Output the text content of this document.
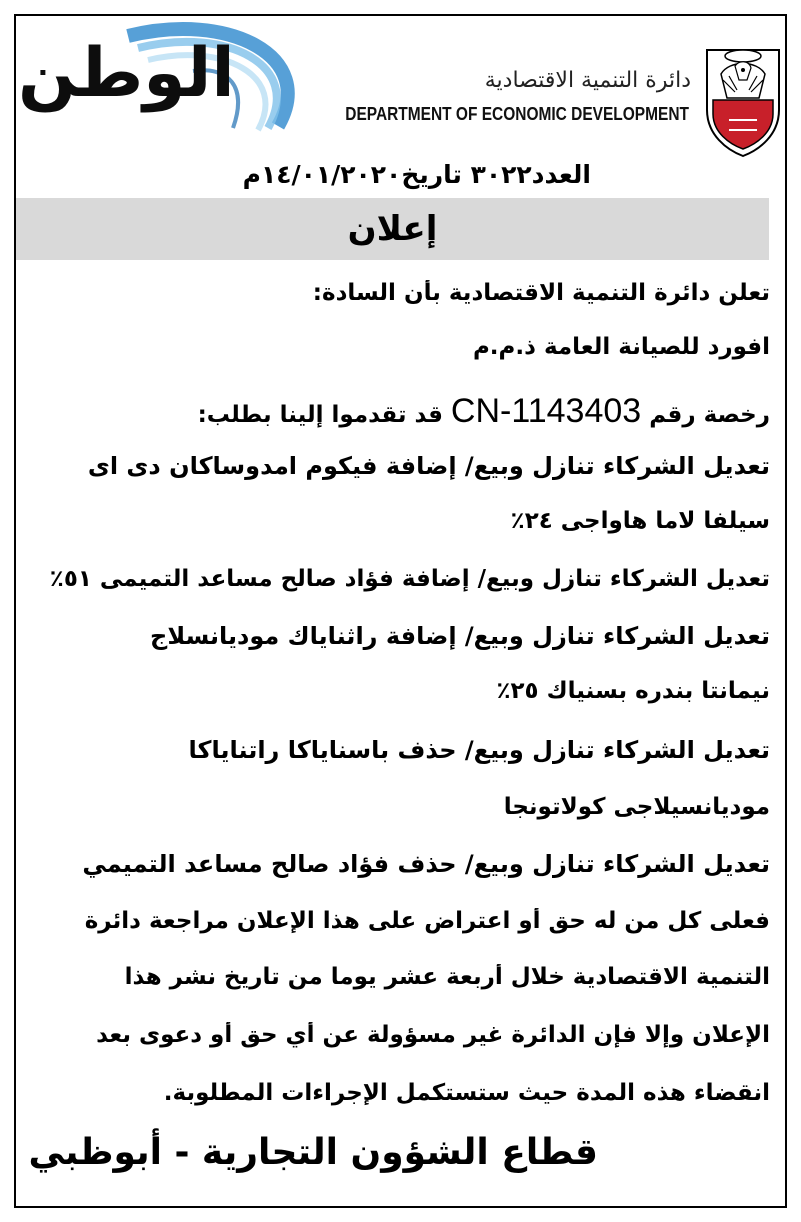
الوطن	دائرة التنمية الاقتصادية
DEPARTMENT OF ECONOMIC DEVELOPMENT
العدد٣٠٢٢ تاريخ١٤/٠١/٢٠٢٠م
إعلان
تعلن دائرة التنمية الاقتصادية بأن السادة:
افورد للصيانة العامة ذ.م.م
رخصة رقم CN-1143403 قد تقدموا إلينا بطلب:
تعديل الشركاء تنازل وبيع/ إضافة فيكوم امدوساكان دى اى
سيلفا لاما هاواجى ٢٤٪
تعديل الشركاء تنازل وبيع/ إضافة فؤاد صالح مساعد التميمى ٥١٪
تعديل الشركاء تنازل وبيع/ إضافة راثناياك موديانسلاج
نيمانتا بندره بسنياك ٢٥٪
تعديل الشركاء تنازل وبيع/ حذف باسناياكا راتناياكا
موديانسيلاجى كولاتونجا
تعديل الشركاء تنازل وبيع/ حذف فؤاد صالح مساعد التميمي
فعلى كل من له حق أو اعتراض على هذا الإعلان مراجعة دائرة
التنمية الاقتصادية خلال أربعة عشر يوما من تاريخ نشر هذا
الإعلان وإلا فإن الدائرة غير مسؤولة عن أي حق أو دعوى بعد
انقضاء هذه المدة حيث ستستكمل الإجراءات المطلوبة.
قطاع الشؤون التجارية - أبوظبي
